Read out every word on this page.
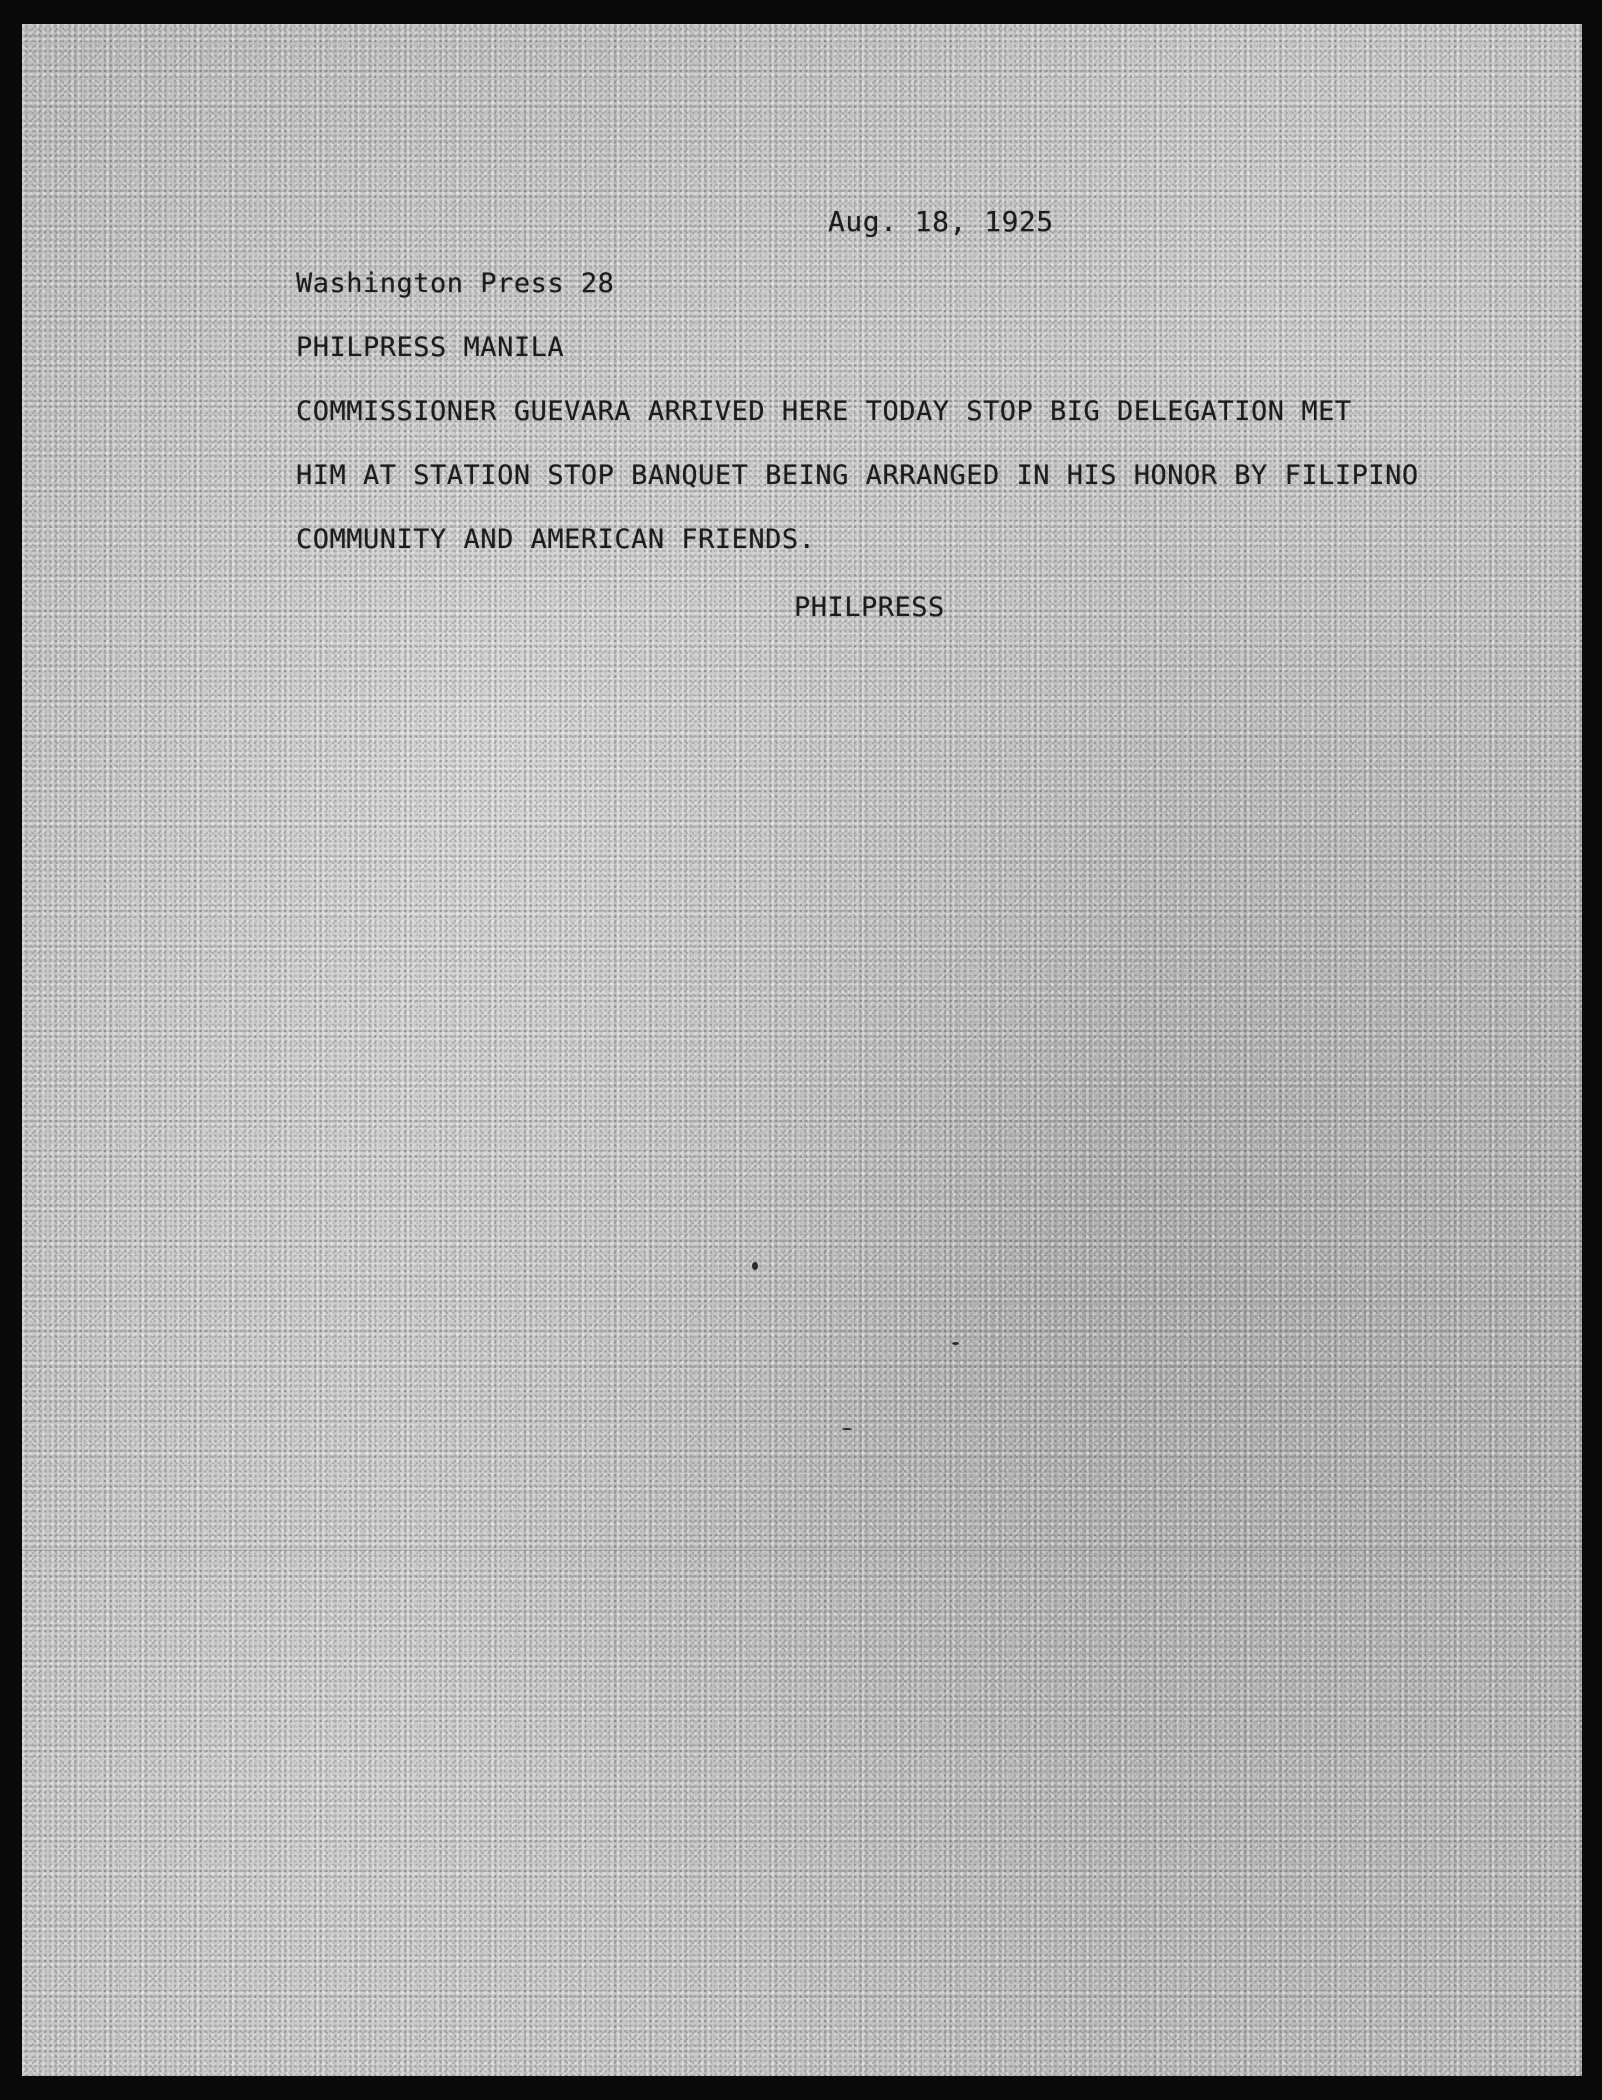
Aug. 18, 1925
Washington Press 28
PHILPRESS MANILA
COMMISSIONER GUEVARA ARRIVED HERE TODAY STOP BIG DELEGATION MET
HIM AT STATION STOP BANQUET BEING ARRANGED IN HIS HONOR BY FILIPINO
COMMUNITY AND AMERICAN FRIENDS.
PHILPRESS
